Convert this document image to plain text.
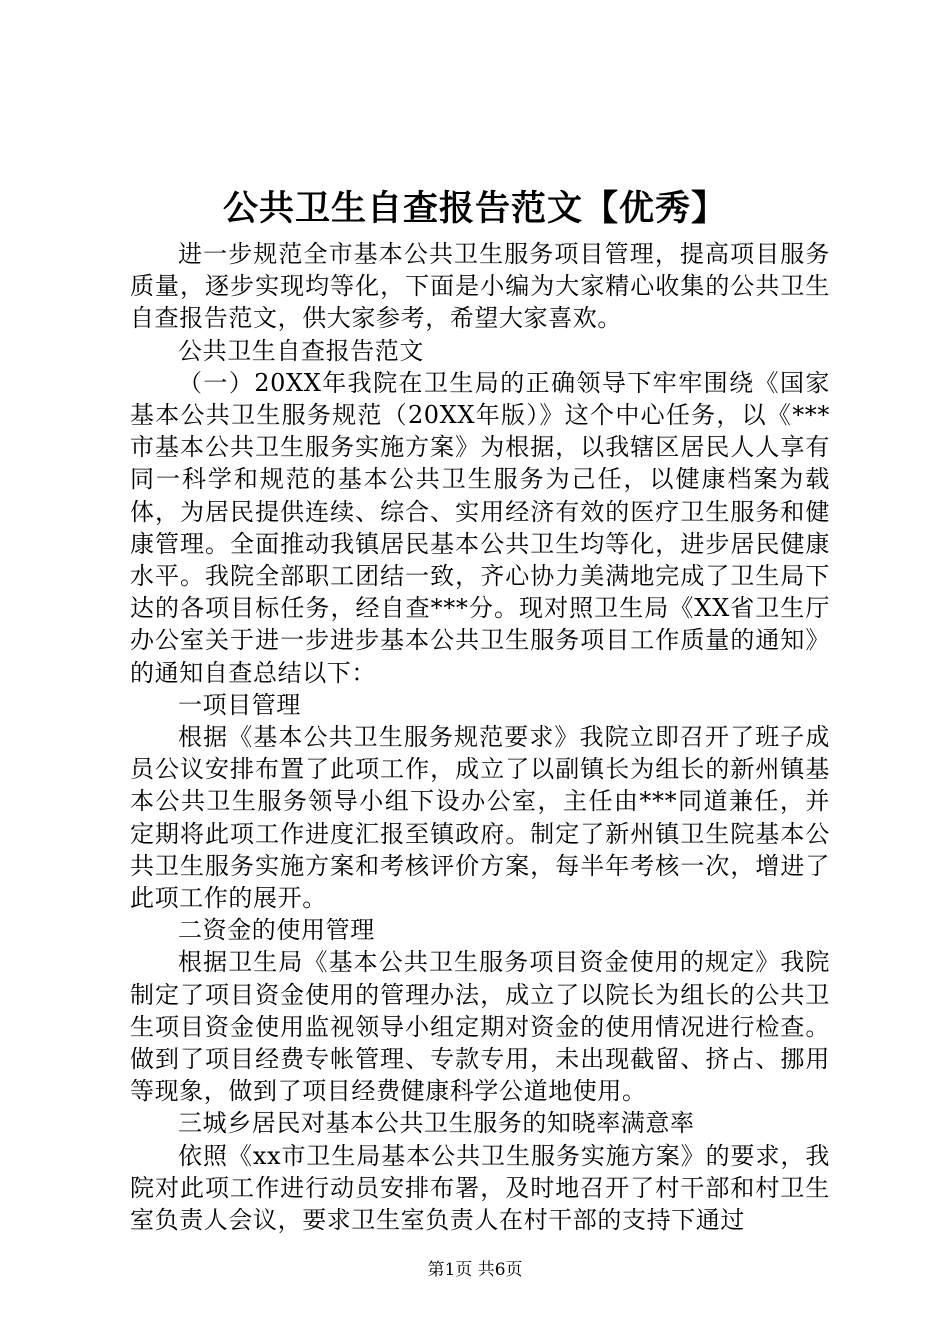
公共卫生自查报告范文【优秀】

进一步规范全市基本公共卫生服务项目管理，提高项目服务质量，逐步实现均等化，下面是小编为大家精心收集的公共卫生自查报告范文，供大家参考，希望大家喜欢。

公共卫生自查报告范文

（一）20XX年我院在卫生局的正确领导下牢牢围绕《国家基本公共卫生服务规范（20XX年版）》这个中心任务，以《***市基本公共卫生服务实施方案》为根据，以我辖区居民人人享有同一科学和规范的基本公共卫生服务为己任，以健康档案为载体，为居民提供连续、综合、实用经济有效的医疗卫生服务和健康管理。全面推动我镇居民基本公共卫生均等化，进步居民健康水平。我院全部职工团结一致，齐心协力美满地完成了卫生局下达的各项目标任务，经自查***分。现对照卫生局《XX省卫生厅办公室关于进一步进步基本公共卫生服务项目工作质量的通知》的通知自查总结以下：

一项目管理

根据《基本公共卫生服务规范要求》我院立即召开了班子成员公议安排布置了此项工作，成立了以副镇长为组长的新州镇基本公共卫生服务领导小组下设办公室，主任由***同道兼任，并定期将此项工作进度汇报至镇政府。制定了新州镇卫生院基本公共卫生服务实施方案和考核评价方案，每半年考核一次，增进了此项工作的展开。

二资金的使用管理

根据卫生局《基本公共卫生服务项目资金使用的规定》我院制定了项目资金使用的管理办法，成立了以院长为组长的公共卫生项目资金使用监视领导小组定期对资金的使用情况进行检查。做到了项目经费专帐管理、专款专用，未出现截留、挤占、挪用等现象，做到了项目经费健康科学公道地使用。

三城乡居民对基本公共卫生服务的知晓率满意率

依照《xx市卫生局基本公共卫生服务实施方案》的要求，我院对此项工作进行动员安排布署，及时地召开了村干部和村卫生室负责人会议，要求卫生室负责人在村干部的支持下通过

第1页 共6页
